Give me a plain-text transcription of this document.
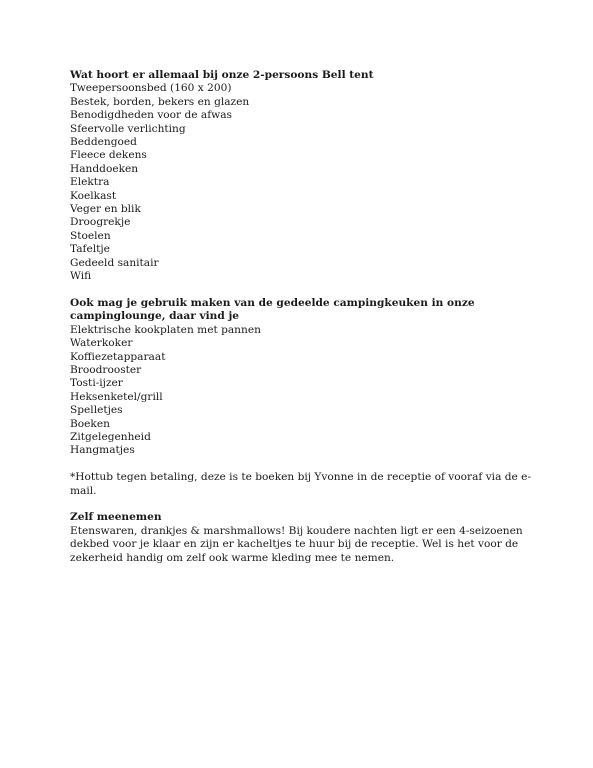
Wat hoort er allemaal bij onze 2-persoons Bell tent

Tweepersoonsbed (160 x 200)
Bestek, borden, bekers en glazen
Benodigdheden voor de afwas
Sfeervolle verlichting
Beddengoed
Fleece dekens
Handdoeken
Elektra
Koelkast
Veger en blik
Droogrekje
Stoelen
Tafeltje
Gedeeld sanitair
Wifi

Ook mag je gebruik maken van de gedeelde campingkeuken in onze campinglounge, daar vind je

Elektrische kookplaten met pannen
Waterkoker
Koffiezetapparaat
Broodrooster
Tosti-ijzer
Heksenketel/grill
Spelletjes
Boeken
Zitgelegenheid
Hangmatjes

*Hottub tegen betaling, deze is te boeken bij Yvonne in de receptie of vooraf via de e-mail.

Zelf meenemen

Etenswaren, drankjes & marshmallows! Bij koudere nachten ligt er een 4-seizoenen dekbed voor je klaar en zijn er kacheltjes te huur bij de receptie. Wel is het voor de zekerheid handig om zelf ook warme kleding mee te nemen.
